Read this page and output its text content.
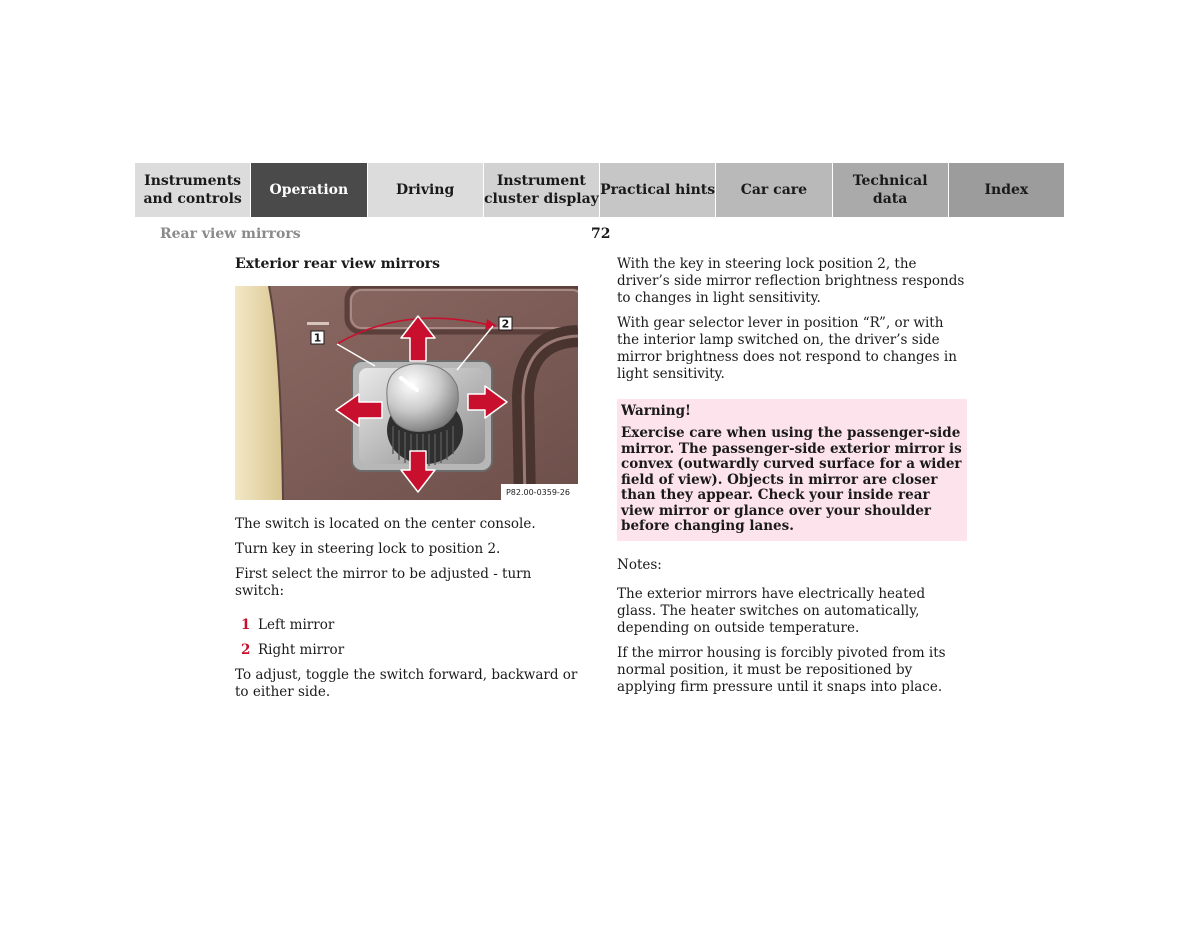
Instruments
and controls
Operation	Driving
Instrument
cluster display
Practical hints Car care
Technical
data
Index
Rear view mirrors	72
Exterior rear view mirrors
1
2
P82.00-0359-26
The switch is located on the center console.
Turn key in steering lock to position 2.
First select the mirror to be adjusted - turn switch:
1 Left mirror
2 Right mirror
To adjust, toggle the switch forward, backward or to either side.
With the key in steering lock position 2, the driver’s side mirror reflection brightness responds to changes in light sensitivity.
With gear selector lever in position “R”, or with the interior lamp switched on, the driver’s side mirror brightness does not respond to changes in light sensitivity.
Warning!
Exercise care when using the passenger-side mirror. The passenger-side exterior mirror is convex (outwardly curved surface for a wider field of view). Objects in mirror are closer than they appear. Check your inside rear view mirror or glance over your shoulder before changing lanes.
Notes:
The exterior mirrors have electrically heated glass. The heater switches on automatically, depending on outside temperature.
If the mirror housing is forcibly pivoted from its normal position, it must be repositioned by applying firm pressure until it snaps into place.
